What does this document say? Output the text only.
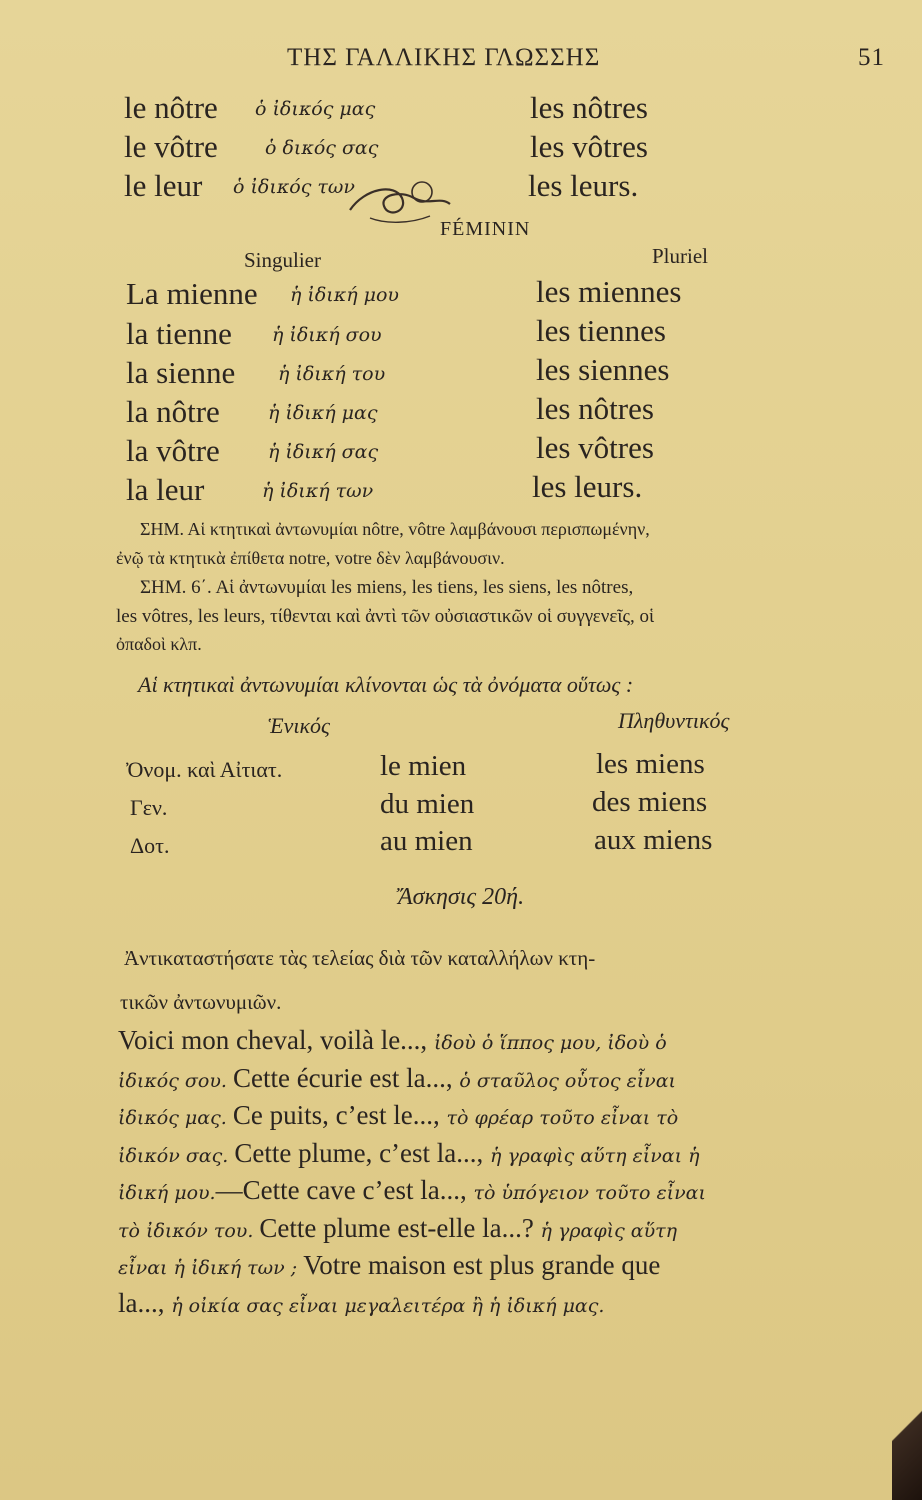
ΤΗΣ ΓΑΛΛΙΚΗΣ ΓΛΩΣΣΗΣ	51
le nôtre ὁ ἰδικός μας	les nôtres
le vôtre ὁ δικός σας	les vôtres
le leur ὁ ἰδικός των	les leurs.
FÉMININ
Singulier	Pluriel
La mienne ἡ ἰδική μου	les miennes
la tienne ἡ ἰδική σου	les tiennes
la sienne ἡ ἰδική του	les siennes
la nôtre	ἡ ἰδική μας	les nôtres
la vôtre	ἡ ἰδική σας	les vôtres
la leur	ἡ ἰδική των	les leurs.
ΣΗΜ. Αἱ κτητικαὶ ἀντωνυμίαι nôtre, vôtre λαμβάνουσι περισπωμένην,
ἐνῷ τὰ κτητικὰ ἐπίθετα notre, votre δὲν λαμβάνουσιν.
ΣΗΜ. 6΄. Αἱ ἀντωνυμίαι les miens, les tiens, les siens, les nôtres,
les vôtres, les leurs, τίθενται καὶ ἀντὶ τῶν οὐσιαστικῶν οἱ συγγενεῖς, οἱ
ὀπαδοὶ κλπ.
Αἱ κτητικαὶ ἀντωνυμίαι κλίνονται ὡς τὰ ὀνόματα οὕτως :
Ἑνικός	Πληθυντικός
Ὀνομ. καὶ Αἰτιατ.	le mien	les miens
Γεν.	du mien	des miens
Δοτ.	au mien	aux miens
Ἄσκησις 20ή.
Ἀντικαταστήσατε τὰς τελείας διὰ τῶν καταλλήλων κτη-
τικῶν ἀντωνυμιῶν.
Voici mon cheval, voilà le..., ἰδοὺ ὁ ἵππος μου, ἰδοὺ ὁ
ἰδικός σου. Cette écurie est la..., ὁ σταῦλος οὗτος εἶναι
ἰδικός μας. Ce puits, c’est le..., τὸ φρέαρ τοῦτο εἶναι τὸ
ἰδικόν σας. Cette plume, c’est la..., ἡ γραφὶς αὕτη εἶναι ἡ
ἰδική μου.—Cette cave c’est la..., τὸ ὑπόγειον τοῦτο εἶναι
τὸ ἰδικόν του. Cette plume est-elle la...? ἡ γραφὶς αὕτη
εἶναι ἡ ἰδική των ; Votre maison est plus grande que
la..., ἡ οἰκία σας εἶναι μεγαλειτέρα ἢ ἡ ἰδική μας.
